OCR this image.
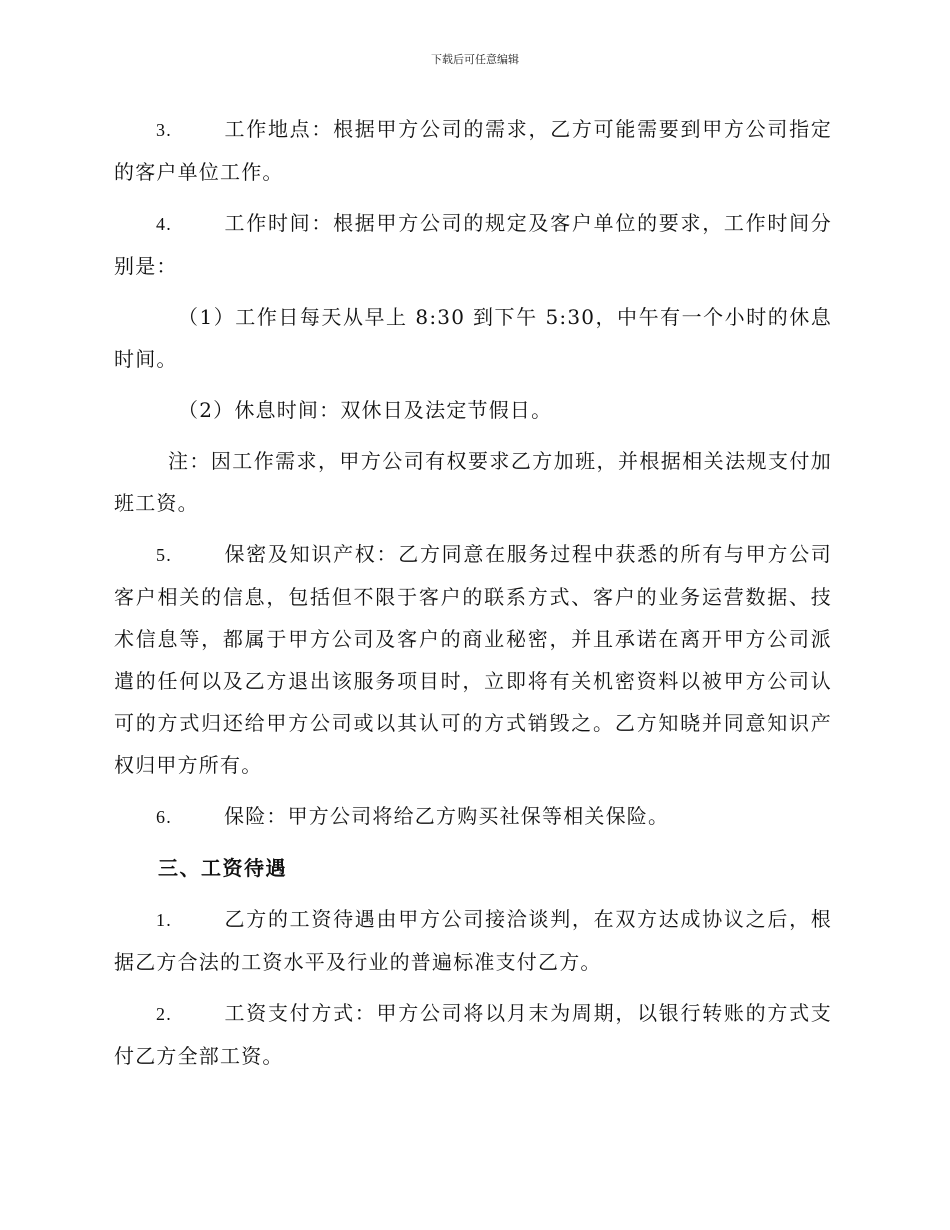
下载后可任意编辑

3.	工作地点：根据甲方公司的需求，乙方可能需要到甲方公司指定的客户单位工作。

4.	工作时间：根据甲方公司的规定及客户单位的要求，工作时间分别是：

（1）工作日每天从早上 8:30 到下午 5:30，中午有一个小时的休息时间。

（2）休息时间：双休日及法定节假日。

注：因工作需求，甲方公司有权要求乙方加班，并根据相关法规支付加班工资。

5.	保密及知识产权：乙方同意在服务过程中获悉的所有与甲方公司客户相关的信息，包括但不限于客户的联系方式、客户的业务运营数据、技术信息等，都属于甲方公司及客户的商业秘密，并且承诺在离开甲方公司派遣的任何以及乙方退出该服务项目时，立即将有关机密资料以被甲方公司认可的方式归还给甲方公司或以其认可的方式销毁之。乙方知晓并同意知识产权归甲方所有。

6.	保险：甲方公司将给乙方购买社保等相关保险。

三、工资待遇

1.	乙方的工资待遇由甲方公司接洽谈判，在双方达成协议之后，根据乙方合法的工资水平及行业的普遍标准支付乙方。

2.	工资支付方式：甲方公司将以月末为周期，以银行转账的方式支付乙方全部工资。
